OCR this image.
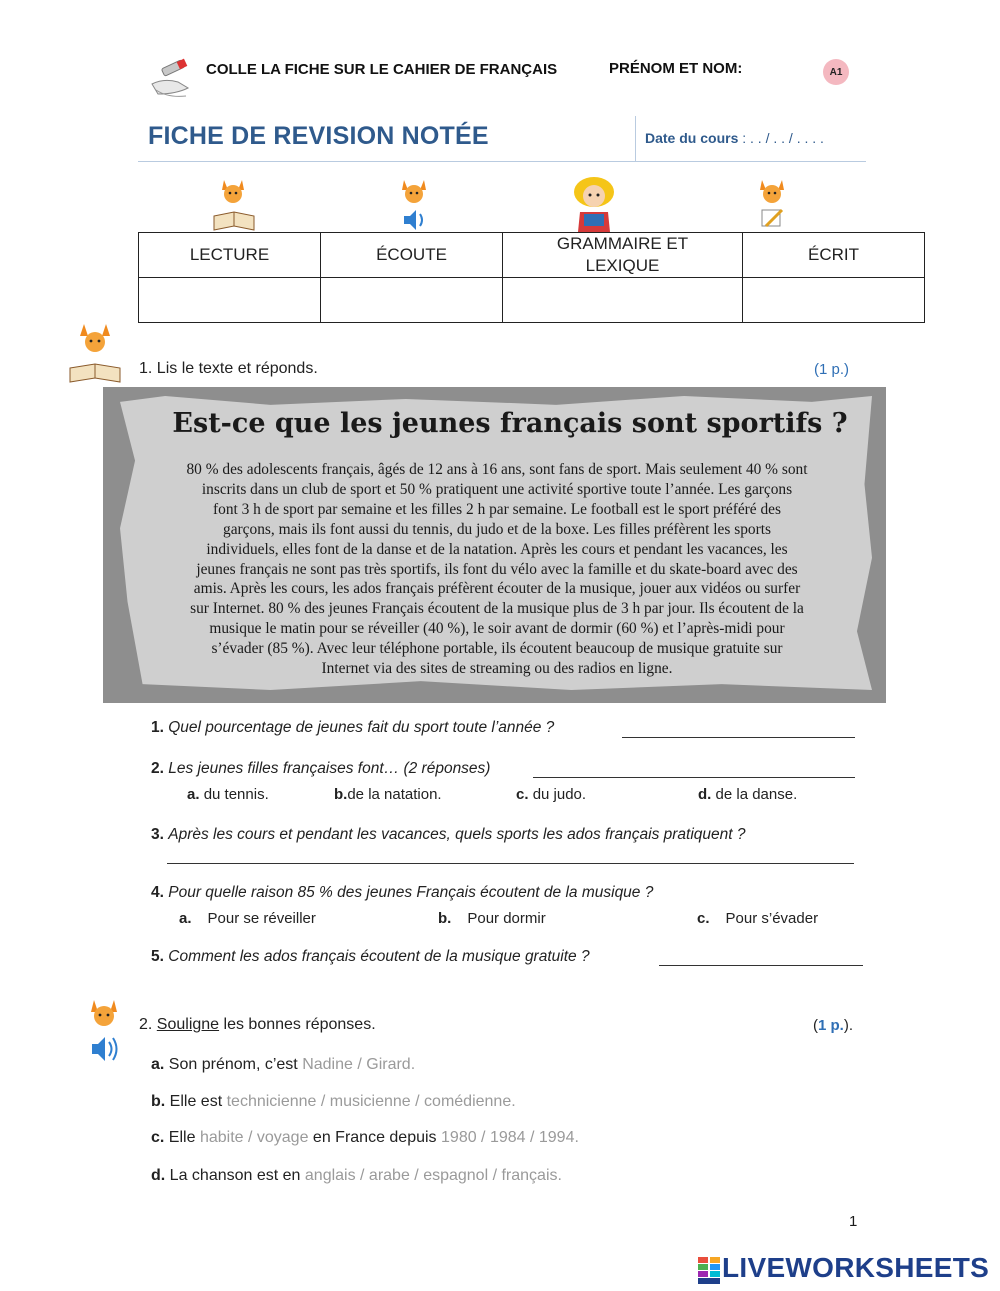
COLLE LA FICHE SUR LE CAHIER DE FRANÇAIS	PRÉNOM ET NOM:	A1
FICHE DE REVISION NOTÉE	Date du cours : . . / . . / . . . .
LECTURE	ÉCOUTE	GRAMMAIRE ET LEXIQUE	ÉCRIT

1. Lis le texte et réponds.	(1 p.)
Est-ce que les jeunes français sont sportifs ?
80 % des adolescents français, âgés de 12 ans à 16 ans, sont fans de sport. Mais seulement 40 % sont
inscrits dans un club de sport et 50 % pratiquent une activité sportive toute l’année. Les garçons
font 3 h de sport par semaine et les filles 2 h par semaine. Le football est le sport préféré des
garçons, mais ils font aussi du tennis, du judo et de la boxe. Les filles préfèrent les sports
individuels, elles font de la danse et de la natation. Après les cours et pendant les vacances, les
jeunes français ne sont pas très sportifs, ils font du vélo avec la famille et du skate-board avec des
amis. Après les cours, les ados français préfèrent écouter de la musique, jouer aux vidéos ou surfer
sur Internet. 80 % des jeunes Français écoutent de la musique plus de 3 h par jour. Ils écoutent de la
musique le matin pour se réveiller (40 %), le soir avant de dormir (60 %) et l’après-midi pour
s’évader (85 %). Avec leur téléphone portable, ils écoutent beaucoup de musique gratuite sur
Internet via des sites de streaming ou des radios en ligne.
1. Quel pourcentage de jeunes fait du sport toute l’année ?
2. Les jeunes filles françaises font… (2 réponses)
a. du tennis.	b.de la natation.	c. du judo.	d. de la danse.
3. Après les cours et pendant les vacances, quels sports les ados français pratiquent ?
4. Pour quelle raison 85 % des jeunes Français écoutent de la musique ?
a. Pour se réveiller	b. Pour dormir	c. Pour s’évader
5. Comment les ados français écoutent de la musique gratuite ?
2. Souligne les bonnes réponses.	(1 p.).
a. Son prénom, c’est Nadine / Girard.
b. Elle est technicienne / musicienne / comédienne.
c. Elle habite / voyage en France depuis 1980 / 1984 / 1994.
d. La chanson est en anglais / arabe / espagnol / français.
1
LIVEWORKSHEETS
